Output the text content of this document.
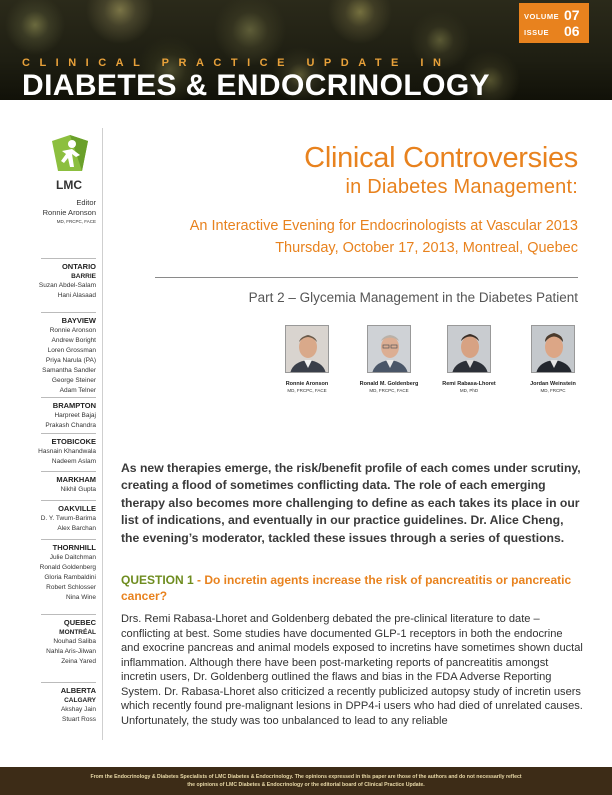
VOLUME 07
ISSUE 06
CLINICAL PRACTICE UPDATE IN
DIABETES & ENDOCRINOLOGY
LMC
Editor
Ronnie Aronson
MD, FRCPC, FACE
ONTARIO
BARRIE
Suzan Abdel-Salam
Hani Alasaad
BAYVIEW
Ronnie Aronson
Andrew Boright
Loren Grossman
Priya Narula (PA)
Samantha Sandler
George Steiner
Adam Telner
BRAMPTON
Harpreet Bajaj
Prakash Chandra
ETOBICOKE
Hasnain Khandwala
Nadeem Aslam
MARKHAM
Nikhil Gupta
OAKVILLE
D. Y. Twum-Barima
Alex Barchan
THORNHILL
Julie Daitchman
Ronald Goldenberg
Gloria Rambaldini
Robert Schlosser
Nina Wine
QUEBEC
MONTRÉAL
Nouhad Saliba
Nahla Aris-Jilwan
Zeina Yared
ALBERTA
CALGARY
Akshay Jain
Stuart Ross
Clinical Controversies
in Diabetes Management:
An Interactive Evening for Endocrinologists at Vascular 2013
Thursday, October 17, 2013, Montreal, Quebec
Part 2 – Glycemia Management in the Diabetes Patient
Ronnie Aronson
MD, FRCPC, FACE
Ronald M. Goldenberg
MD, FRCPC, FACE
Remi Rabasa-Lhoret
MD, PhD
Jordan Weinstein
MD, FRCPC

As new therapies emerge, the risk/benefit profile of each comes under scrutiny, creating a flood of sometimes conflicting data. The role of each emerging therapy also becomes more challenging to define as each takes its place in our list of indications, and eventually in our practice guidelines. Dr. Alice Cheng, the evening’s moderator, tackled these issues through a series of questions.

QUESTION 1 - Do incretin agents increase the risk of pancreatitis or pancreatic cancer?

Drs. Remi Rabasa-Lhoret and Goldenberg debated the pre-clinical literature to date – conflicting at best. Some studies have documented GLP-1 receptors in both the endocrine and exocrine pancreas and animal models exposed to incretins have sometimes shown ductal inflammation. Although there have been post-marketing reports of pancreatitis amongst incretin users, Dr. Goldenberg outlined the flaws and bias in the FDA Adverse Reporting System. Dr. Rabasa-Lhoret also criticized a recently publicized autopsy study of incretin users which recently found pre-malignant lesions in DPP4-i users who had died of unrelated causes. Unfortunately, the study was too unbalanced to lead to any reliable

From the Endocrinology & Diabetes Specialists of LMC Diabetes & Endocrinology. The opinions expressed in this paper are those of the authors and do not necessarily reflect

the opinions of LMC Diabetes & Endocrinology or the editorial board of Clinical Practice Update.
